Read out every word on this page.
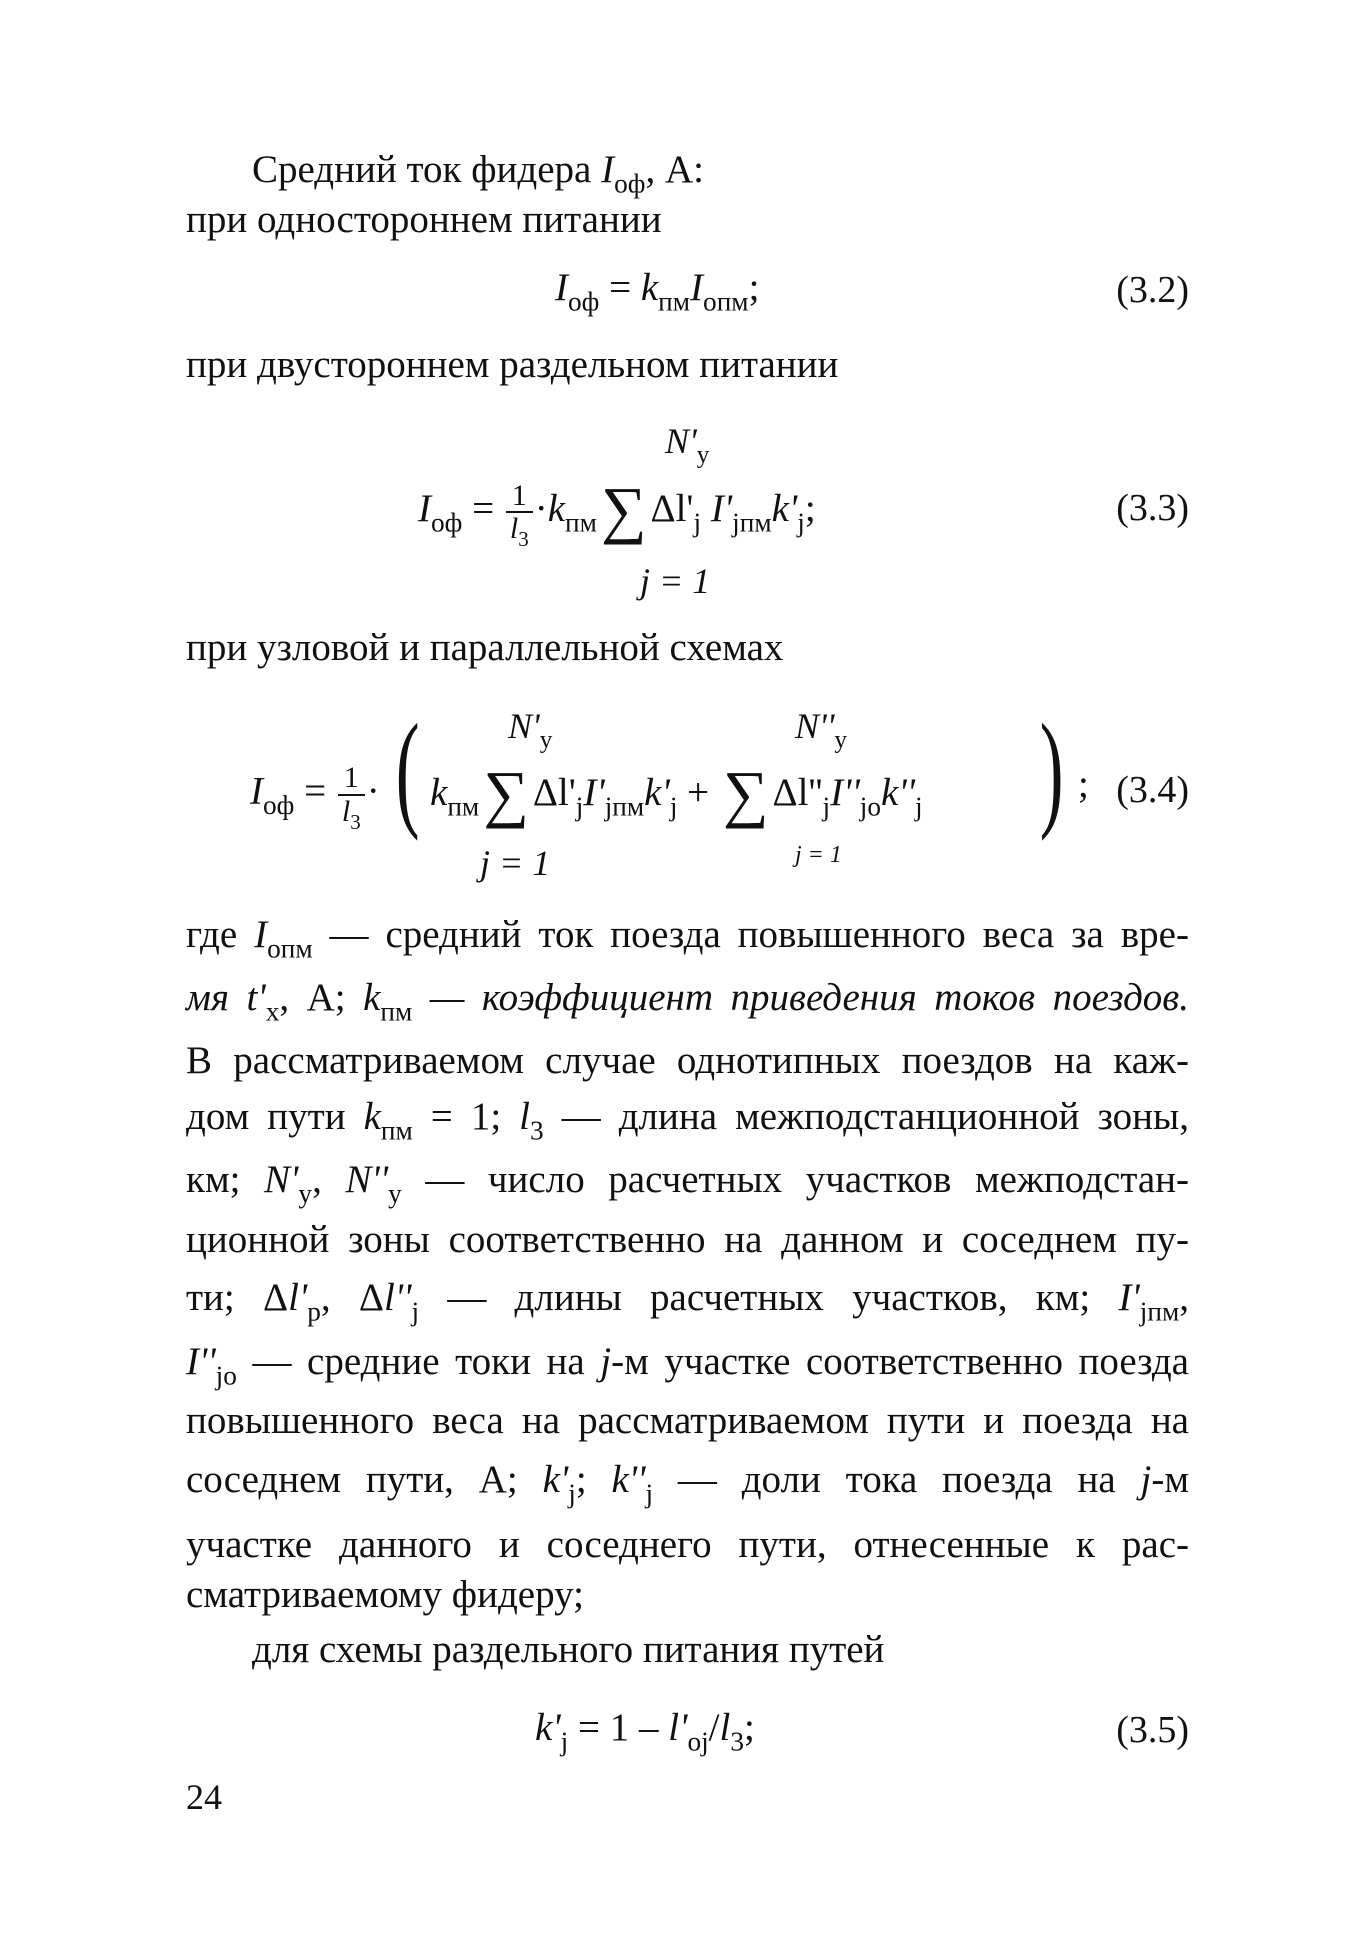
Средний ток фидера $I_{оф}$, А:
при одностороннем питании
$I_{оф} = k_{пм}I_{опм}$;	(3.2)
при двустороннем раздельном питании
$N'_у$
$I_{оф} = \frac{1}{l_3} \cdot k_{пм}\sum$ $\Delta l'_j$ $I'_{jпм}k'_j$;
j = 1
(3.3)
при узловой и параллельной схемах
$N'_у$	$N''_у$
$I_{оф} = \frac{1}{l_3}$ · ( $k_{пм}\sum$ $\Delta l'_jI'_{jпм}k'_j$ + ∑ $\Delta l''_jI''_{jo}k''_j$ ) ;
j = 1	j = 1
(3.4)
где $I_{опм}$ — средний ток поезда повышенного веса за вре-
мя $t'_х$, А; $k_{пм}$ — коэффициент приведения токов поездов.
В рассматриваемом случае однотипных поездов на каж-
дом пути $k_{пм} = 1$; $l_3$ — длина межподстанционной зоны,
км; $N'_у$, $N''_у$ — число расчетных участков межподстан-
ционной зоны соответственно на данном и соседнем пу-
ти; $\Delta l'_р$, $\Delta l''_j$ — длины расчетных участков, км; $I'_{jпм}$,
$I''_{jo}$ — средние токи на j-м участке соответственно поезда
повышенного веса на рассматриваемом пути и поезда на
соседнем пути, А; $k'_j$; $k''_j$ — доли тока поезда на j-м
участке данного и соседнего пути, отнесенные к рас-
сматриваемому фидеру;
для схемы раздельного питания путей
$k'_j = 1 - l'_{oj}/l_3$;	(3.5)
24
